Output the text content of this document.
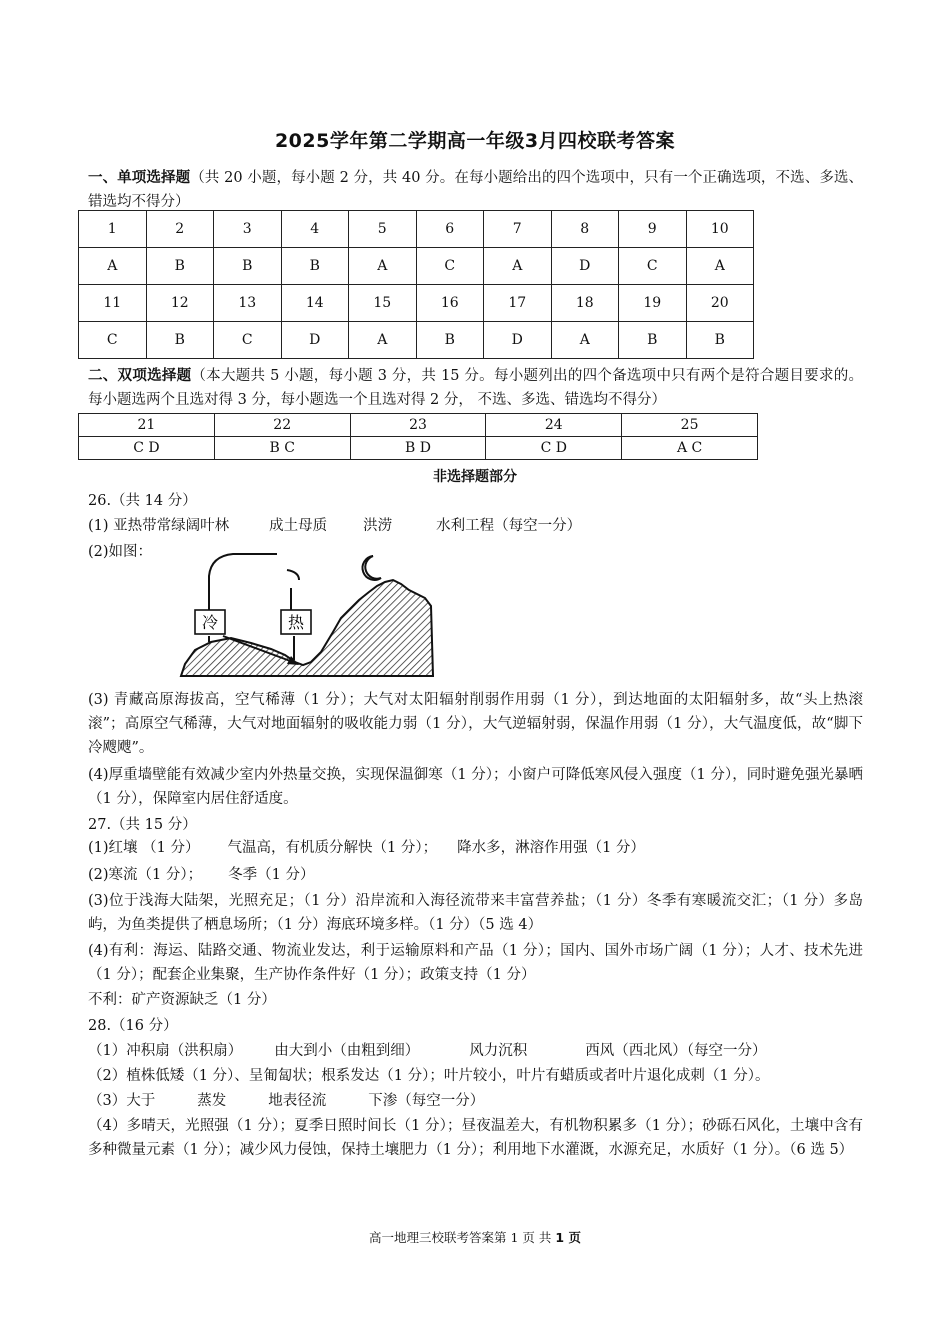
2025学年第二学期高一年级3月四校联考答案
一、单项选择题（共 20 小题，每小题 2 分，共 40 分。在每小题给出的四个选项中，只有一个正确选项，不选、多选、错选均不得分）
1	2	3	4	5	6	7	8	9	10
A	B	B	B	A	C	A	D	C	A
11	12	13	14	15	16	17	18	19	20
C	B	C	D	A	B	D	A	B	B
二、双项选择题（本大题共 5 小题，每小题 3 分，共 15 分。每小题列出的四个备选项中只有两个是符合题目要求的。每小题选两个且选对得 3 分，每小题选一个且选对得 2 分， 不选、多选、错选均不得分）
21	22	23	24	25
C D	B C	B D	C D	A C
非选择题部分
26.（共 14 分）
(1) 亚热带常绿阔叶林	成土母质 洪涝	水利工程（每空一分）
(2)如图：
冷	热
(3) 青藏高原海拔高，空气稀薄（1 分）；大气对太阳辐射削弱作用弱（1 分），到达地面的太阳辐射多，故“头上热滚滚”；高原空气稀薄，大气对地面辐射的吸收能力弱（1 分），大气逆辐射弱，保温作用弱（1 分），大气温度低，故“脚下冷飕飕”。
(4)厚重墙壁能有效减少室内外热量交换，实现保温御寒（1 分）；小窗户可降低寒风侵入强度（1 分），同时避免强光暴晒（1 分），保障室内居住舒适度。
27.（共 15 分）
(1)红壤 （1 分） 气温高，有机质分解快（1 分）； 降水多，淋溶作用强（1 分）
(2)寒流（1 分）； 冬季（1 分）
(3)位于浅海大陆架，光照充足；（1 分）沿岸流和入海径流带来丰富营养盐；（1 分）冬季有寒暖流交汇；（1 分）多岛屿，为鱼类提供了栖息场所；（1 分）海底环境多样。（1 分）（5 选 4）
(4)有利：海运、陆路交通、物流业发达，利于运输原料和产品（1 分）；国内、国外市场广阔（1 分）；人才、技术先进（1 分）；配套企业集聚，生产协作条件好（1 分）；政策支持（1 分）
不利：矿产资源缺乏（1 分）
28.（16 分）
（1）冲积扇（洪积扇） 由大到小（由粗到细）	风力沉积	西风（西北风）（每空一分）
（2）植株低矮（1 分）、呈匍匐状；根系发达（1 分）；叶片较小，叶片有蜡质或者叶片退化成刺（1 分）。
（3）大于	蒸发	地表径流	下渗（每空一分）
（4）多晴天，光照强（1 分）；夏季日照时间长（1 分）；昼夜温差大，有机物积累多（1 分）；砂砾石风化，土壤中含有多种微量元素（1 分）；减少风力侵蚀，保持土壤肥力（1 分）；利用地下水灌溉，水源充足，水质好（1 分）。（6 选 5）
高一地理三校联考答案第 1 页 共 1 页
